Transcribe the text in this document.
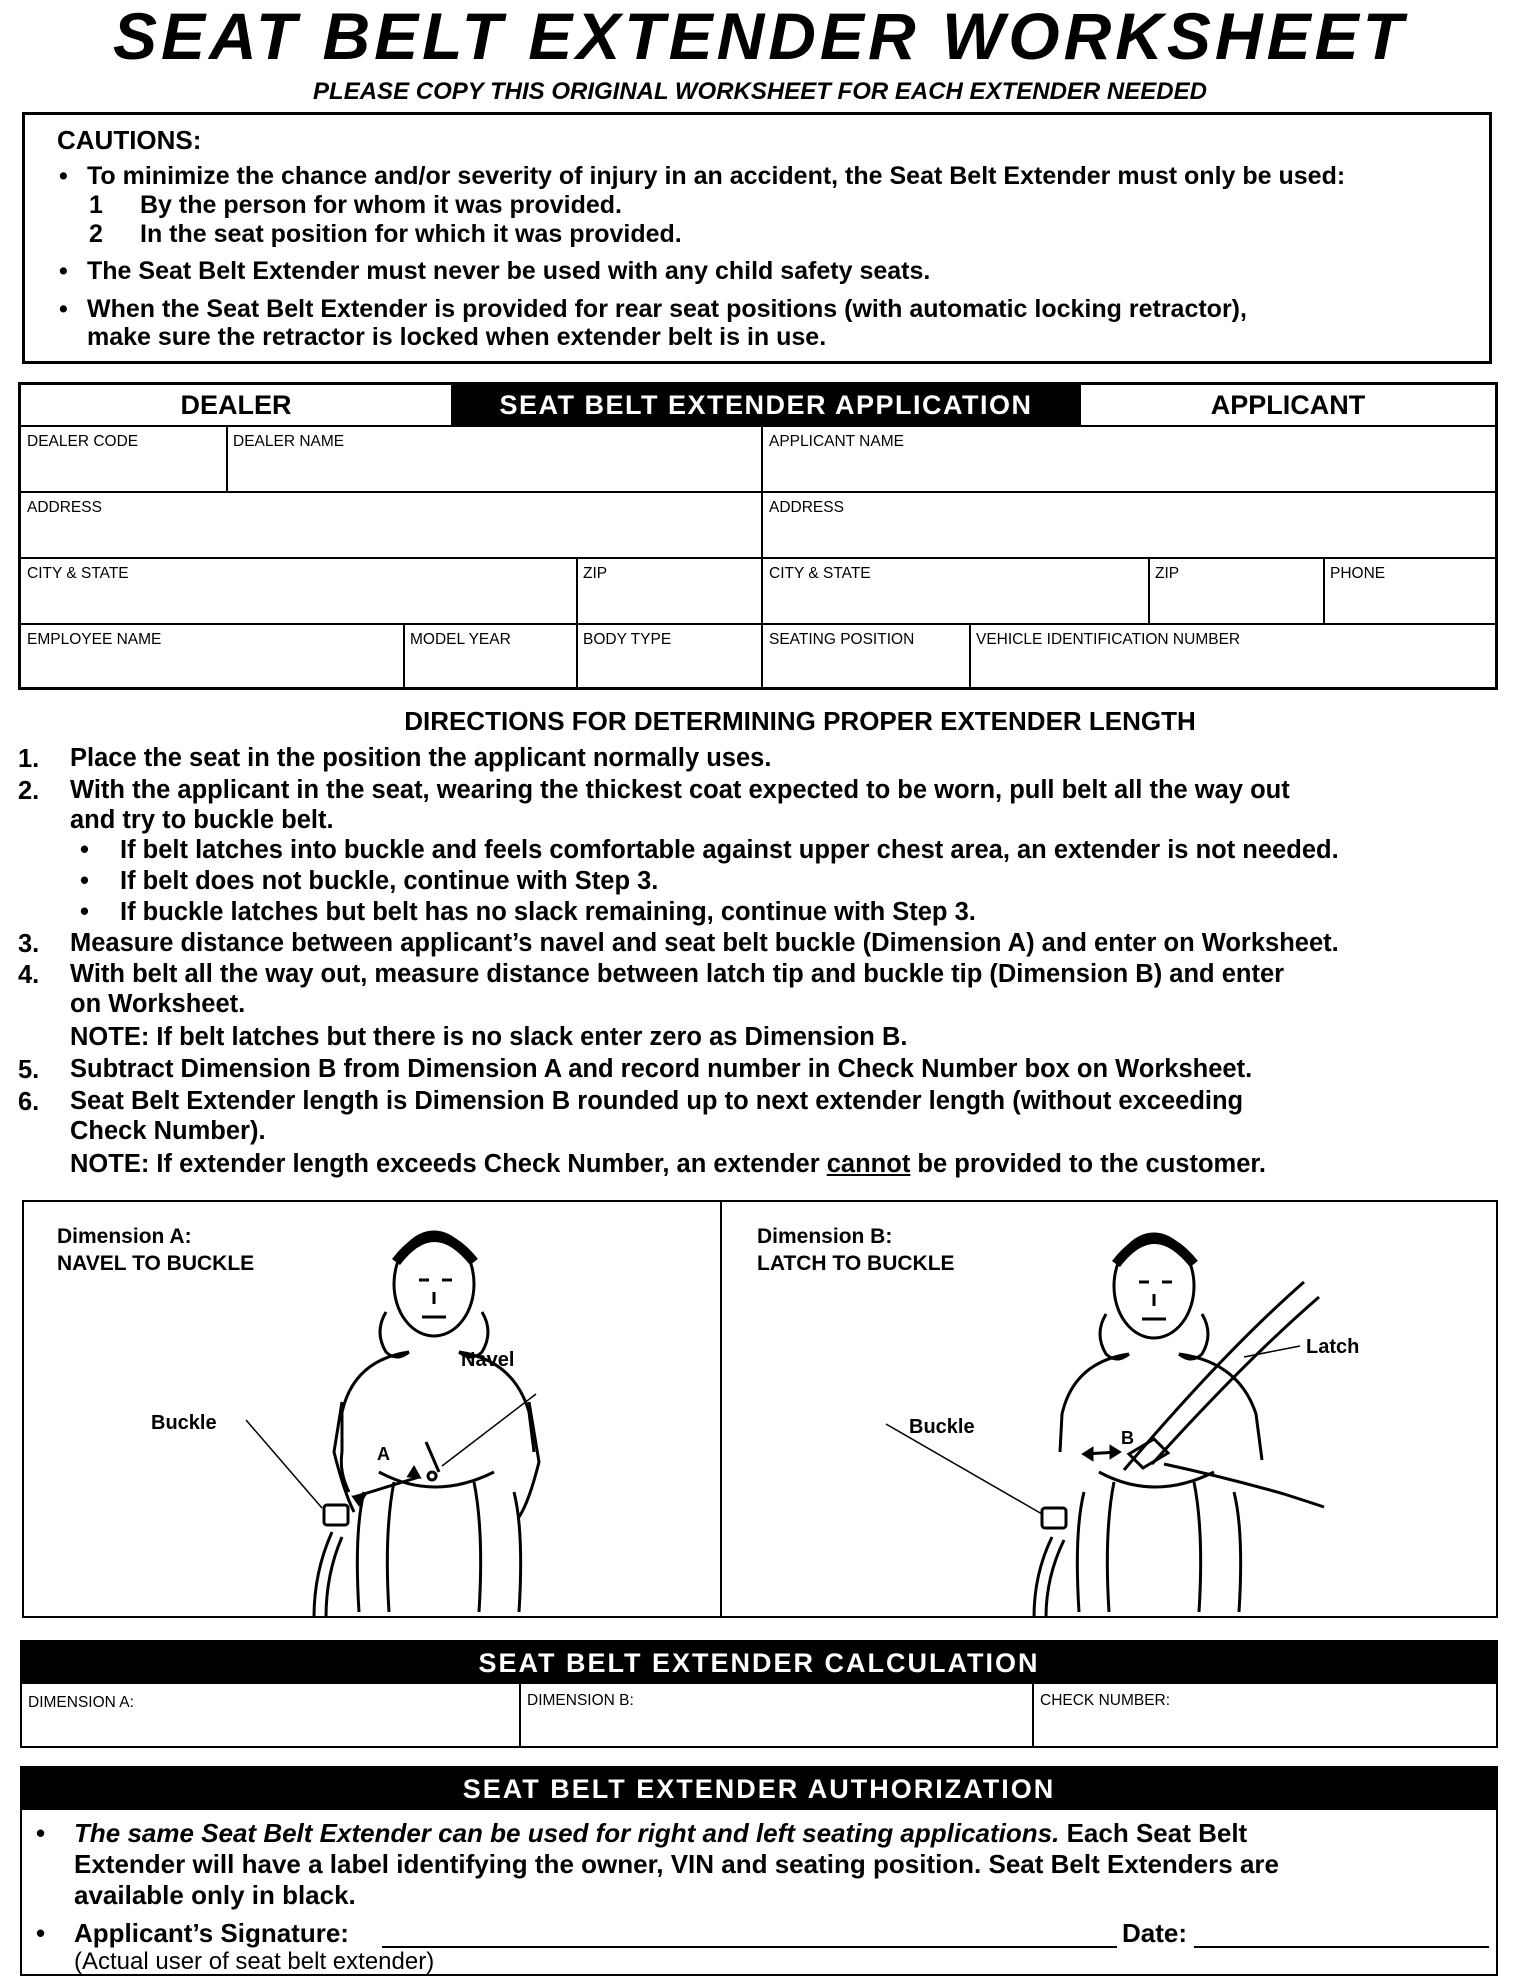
SEAT BELT EXTENDER WORKSHEET
PLEASE COPY THIS ORIGINAL WORKSHEET FOR EACH EXTENDER NEEDED
CAUTIONS:
• To minimize the chance and/or severity of injury in an accident, the Seat Belt Extender must only be used:
1 By the person for whom it was provided.
2 In the seat position for which it was provided.
• The Seat Belt Extender must never be used with any child safety seats.
• When the Seat Belt Extender is provided for rear seat positions (with automatic locking retractor),
make sure the retractor is locked when extender belt is in use.
DEALER	SEAT BELT EXTENDER APPLICATION	APPLICANT
DEALER CODE	DEALER NAME	APPLICANT NAME
ADDRESS	ADDRESS
CITY & STATE	ZIP	CITY & STATE	ZIP	PHONE
EMPLOYEE NAME	MODEL YEAR	BODY TYPE	SEATING POSITION	VEHICLE IDENTIFICATION NUMBER
DIRECTIONS FOR DETERMINING PROPER EXTENDER LENGTH
1. Place the seat in the position the applicant normally uses.
2. With the applicant in the seat, wearing the thickest coat expected to be worn, pull belt all the way out
and try to buckle belt.
• If belt latches into buckle and feels comfortable against upper chest area, an extender is not needed.
• If belt does not buckle, continue with Step 3.
• If buckle latches but belt has no slack remaining, continue with Step 3.
3. Measure distance between applicant’s navel and seat belt buckle (Dimension A) and enter on Worksheet.
4. With belt all the way out, measure distance between latch tip and buckle tip (Dimension B) and enter
on Worksheet.
NOTE: If belt latches but there is no slack enter zero as Dimension B.
5. Subtract Dimension B from Dimension A and record number in Check Number box on Worksheet.
6. Seat Belt Extender length is Dimension B rounded up to next extender length (without exceeding
Check Number).
NOTE: If extender length exceeds Check Number, an extender cannot be provided to the customer.
Dimension A:
NAVEL TO BUCKLE
Dimension B:
LATCH TO BUCKLE
Navel
Buckle
A
Latch
Buckle	B
SEAT BELT EXTENDER CALCULATION
DIMENSION A:	DIMENSION B:	CHECK NUMBER:
SEAT BELT EXTENDER AUTHORIZATION
• The same Seat Belt Extender can be used for right and left seating applications. Each Seat Belt
Extender will have a label identifying the owner, VIN and seating position. Seat Belt Extenders are
available only in black.
• Applicant’s Signature:	Date:
(Actual user of seat belt extender)
